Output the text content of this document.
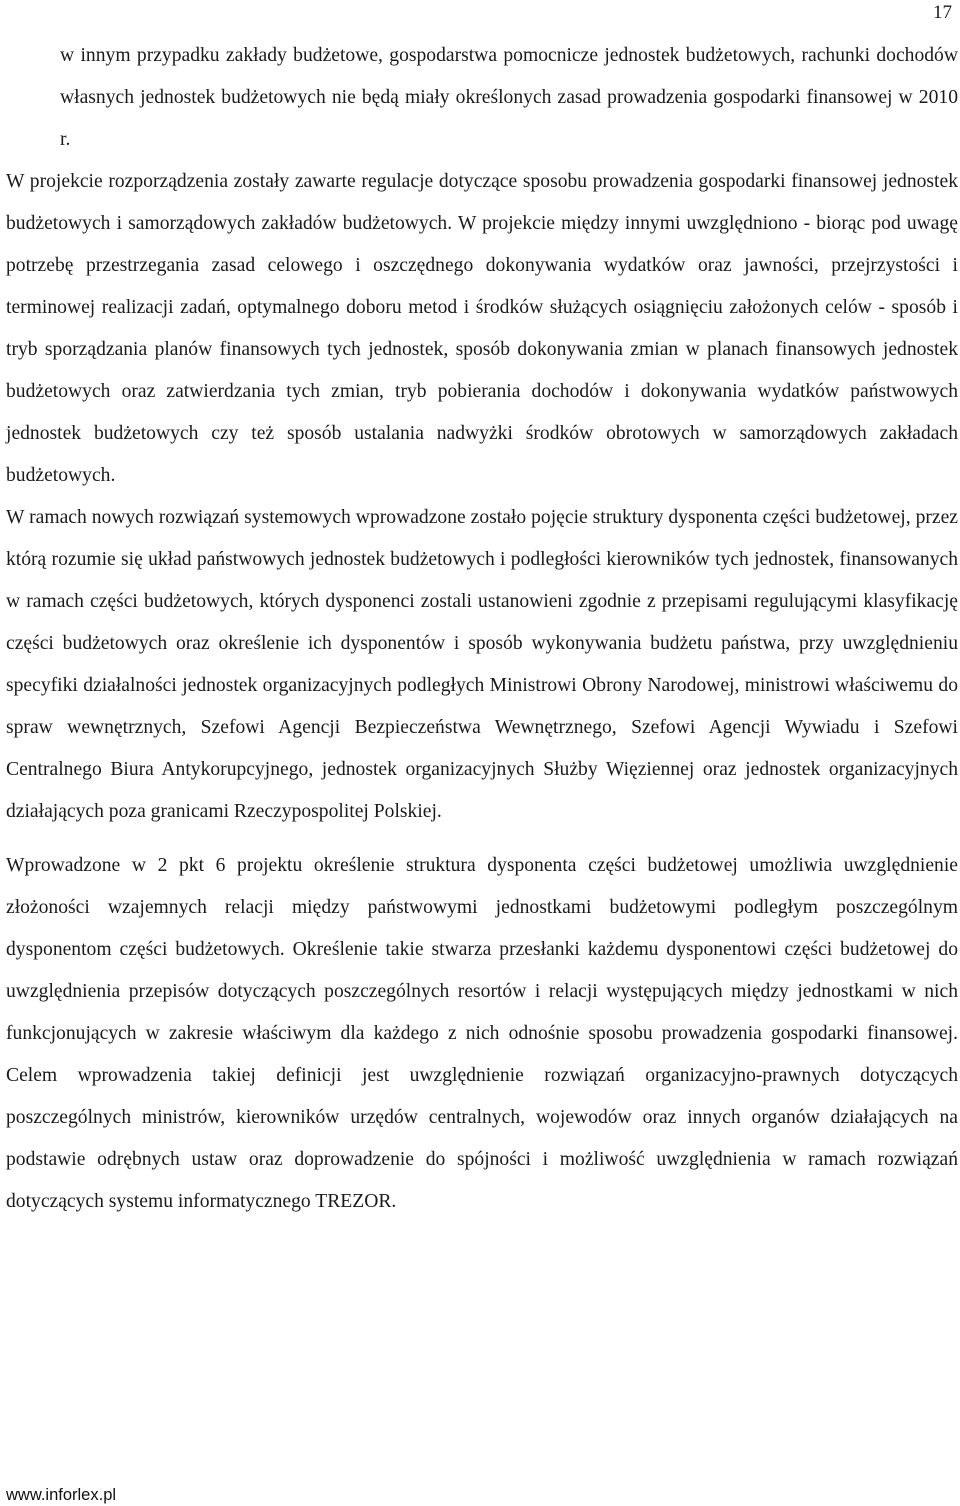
17

w innym przypadku zakłady budżetowe, gospodarstwa pomocnicze jednostek budżetowych, rachunki dochodów własnych jednostek budżetowych nie będą miały określonych zasad prowadzenia gospodarki finansowej w 2010 r.

W projekcie rozporządzenia zostały zawarte regulacje dotyczące sposobu prowadzenia gospodarki finansowej jednostek budżetowych i samorządowych zakładów budżetowych. W projekcie między innymi uwzględniono - biorąc pod uwagę potrzebę przestrzegania zasad celowego i oszczędnego dokonywania wydatków oraz jawności, przejrzystości i terminowej realizacji zadań, optymalnego doboru metod i środków służących osiągnięciu założonych celów - sposób i tryb sporządzania planów finansowych tych jednostek, sposób dokonywania zmian w planach finansowych jednostek budżetowych oraz zatwierdzania tych zmian, tryb pobierania dochodów i dokonywania wydatków państwowych jednostek budżetowych czy też sposób ustalania nadwyżki środków obrotowych w samorządowych zakładach budżetowych.

W ramach nowych rozwiązań systemowych wprowadzone zostało pojęcie struktury dysponenta części budżetowej, przez którą rozumie się układ państwowych jednostek budżetowych i podległości kierowników tych jednostek, finansowanych w ramach części budżetowych, których dysponenci zostali ustanowieni zgodnie z przepisami regulującymi klasyfikację części budżetowych oraz określenie ich dysponentów i sposób wykonywania budżetu państwa, przy uwzględnieniu specyfiki działalności jednostek organizacyjnych podległych Ministrowi Obrony Narodowej, ministrowi właściwemu do spraw wewnętrznych, Szefowi Agencji Bezpieczeństwa Wewnętrznego, Szefowi Agencji Wywiadu i Szefowi Centralnego Biura Antykorupcyjnego, jednostek organizacyjnych Służby Więziennej oraz jednostek organizacyjnych działających poza granicami Rzeczypospolitej Polskiej.

Wprowadzone w 2 pkt 6 projektu określenie struktura dysponenta części budżetowej umożliwia uwzględnienie złożoności wzajemnych relacji między państwowymi jednostkami budżetowymi podległym poszczególnym dysponentom części budżetowych. Określenie takie stwarza przesłanki każdemu dysponentowi części budżetowej do uwzględnienia przepisów dotyczących poszczególnych resortów i relacji występujących między jednostkami w nich funkcjonujących w zakresie właściwym dla każdego z nich odnośnie sposobu prowadzenia gospodarki finansowej. Celem wprowadzenia takiej definicji jest uwzględnienie rozwiązań organizacyjno-prawnych dotyczących poszczególnych ministrów, kierowników urzędów centralnych, wojewodów oraz innych organów działających na podstawie odrębnych ustaw oraz doprowadzenie do spójności i możliwość uwzględnienia w ramach rozwiązań dotyczących systemu informatycznego TREZOR.

www.inforlex.pl
